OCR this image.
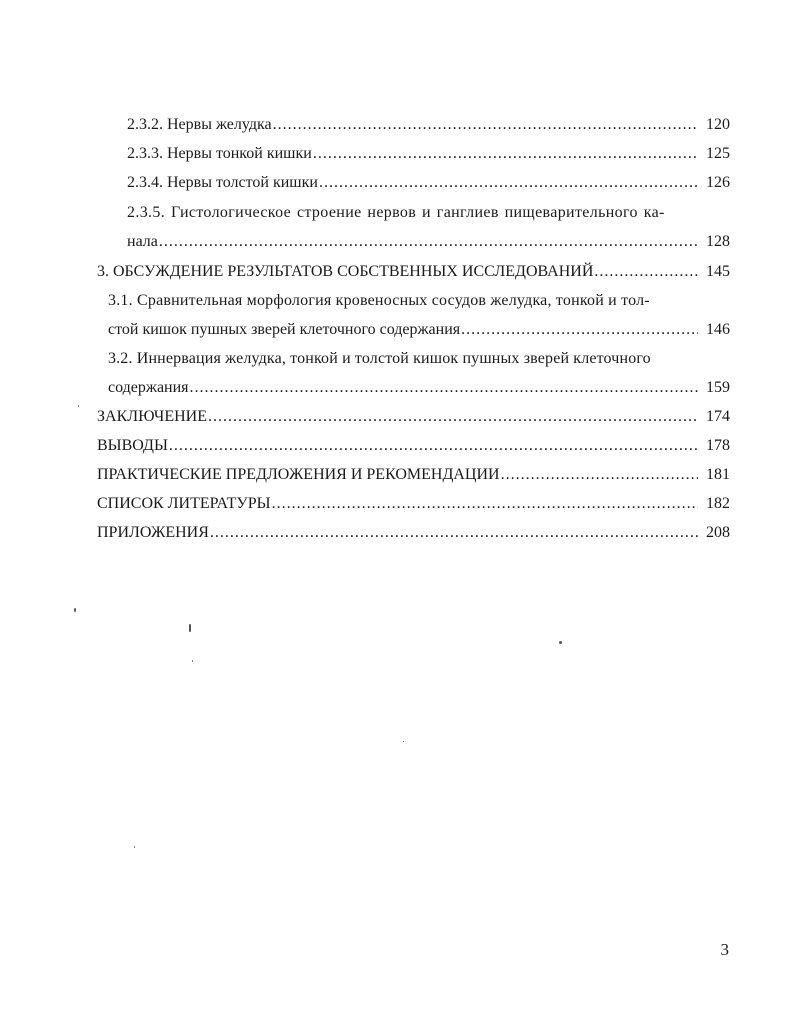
2.3.2. Нервы желудка .....	120
2.3.3. Нервы тонкой кишки .....	125
2.3.4. Нервы толстой кишки .....	126
2.3.5. Гистологическое строение нервов и ганглиев пищеварительного ка-
нала .....	128
3. ОБСУЖДЕНИЕ РЕЗУЛЬТАТОВ СОБСТВЕННЫХ ИССЛЕДОВАНИЙ .....	145
3.1. Сравнительная морфология кровеносных сосудов желудка, тонкой и тол-
стой кишок пушных зверей клеточного содержания .....	146
3.2. Иннервация желудка, тонкой и толстой кишок пушных зверей клеточного
содержания .....	159
ЗАКЛЮЧЕНИЕ .....	174
ВЫВОДЫ .....	178
ПРАКТИЧЕСКИЕ ПРЕДЛОЖЕНИЯ И РЕКОМЕНДАЦИИ .....	181
СПИСОК ЛИТЕРАТУРЫ .....	182
ПРИЛОЖЕНИЯ .....	208
3
